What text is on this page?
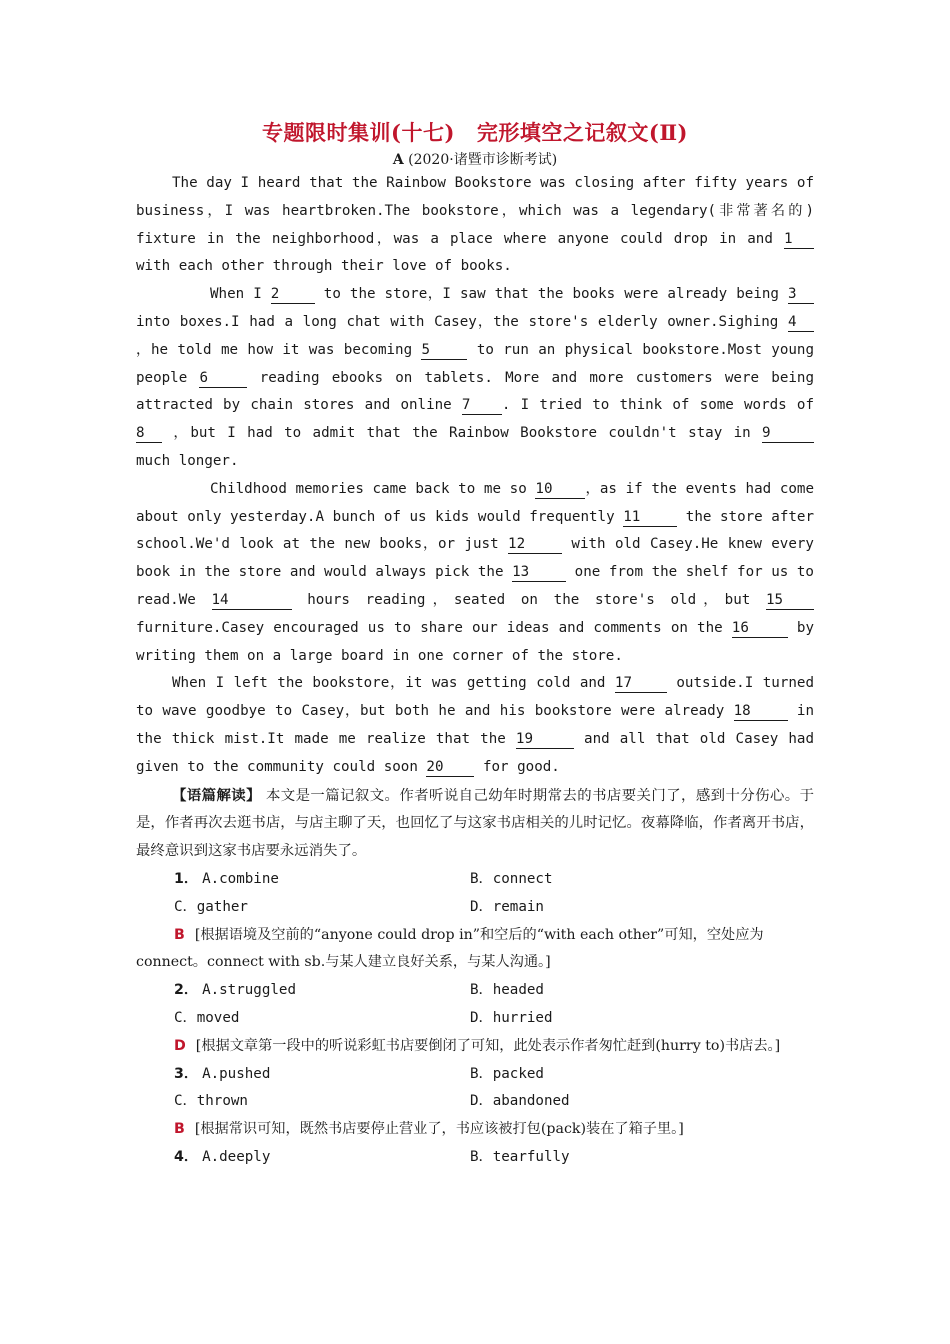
专题限时集训(十七) 完形填空之记叙文(Ⅱ)
A (2020·诸暨市诊断考试)

The day I heard that the Rainbow Bookstore was closing after fifty years of business，I was heartbroken.The bookstore，which was a legendary(非常著名的) fixture in the neighborhood，was a place where anyone could drop in and 1 with each other through their love of books.

When I 2 to the store，I saw that the books were already being 3 into boxes.I had a long chat with Casey，the store's elderly owner.Sighing 4 ，he told me how it was becoming 5	to run an physical bookstore.Most young people 6	reading ebooks on tablets. More and more customers were being attracted by chain stores and online 7 . I tried to think of some words of 8 ，but I had to admit that the Rainbow Bookstore couldn't stay in 9 much longer.

Childhood memories came back to me so 10 ，as if the events had come about only yesterday.A bunch of us kids would frequently 11	the store after school.We'd look at the new books，or just 12	with old Casey.He knew every book in the store and would always pick the 13	one from the shelf for us to read.We 14	hours reading，seated on the store's old，but 15 furniture.Casey encouraged us to share our ideas and comments on the 16	by writing them on a large board in one corner of the store.

When I left the bookstore，it was getting cold and 17 outside.I turned to wave goodbye to Casey，but both he and his bookstore were already 18	in the thick mist.It made me realize that the 19	and all that old Casey had given to the community could soon 20 for good.

【语篇解读】 本文是一篇记叙文。作者听说自己幼年时期常去的书店要关门了，感到十分伤心。于是，作者再次去逛书店，与店主聊了天，也回忆了与这家书店相关的儿时记忆。夜幕降临，作者离开书店，最终意识到这家书店要永远消失了。

1． A.combine	B．connect
C．gather	D．remain

B [根据语境及空前的“anyone could drop in”和空后的“with each other”可知，空处应为connect。connect with sb.与某人建立良好关系，与某人沟通。]

2． A.struggled	B．headed
C．moved	D．hurried

D [根据文章第一段中的听说彩虹书店要倒闭了可知，此处表示作者匆忙赶到(hurry to)书店去。]

3． A.pushed	B．packed
C．thrown	D．abandoned

B [根据常识可知，既然书店要停止营业了，书应该被打包(pack)装在了箱子里。]

4． A.deeply	B．tearfully
